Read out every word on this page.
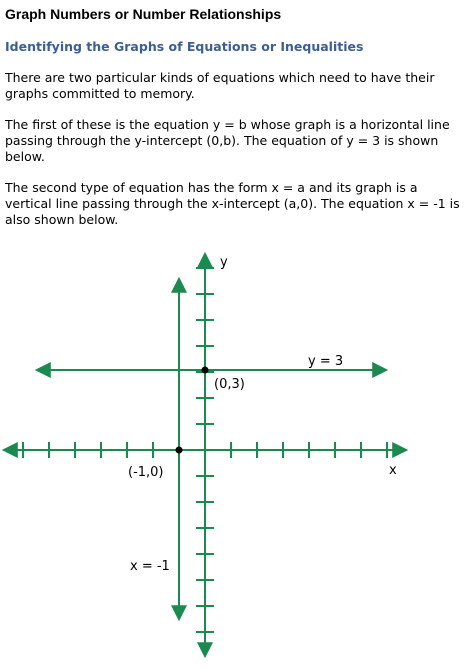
Graph Numbers or Number Relationships
Identifying the Graphs of Equations or Inequalities

There are two particular kinds of equations which need to have their graphs committed to memory.

The first of these is the equation y = b whose graph is a horizontal line passing through the y-intercept (0,b). The equation of y = 3 is shown below.

The second type of equation has the form x = a and its graph is a vertical line passing through the x-intercept (a,0). The equation x = -1 is also shown below.

y
x
y = 3
x = -1
(0,3)
(-1,0)
